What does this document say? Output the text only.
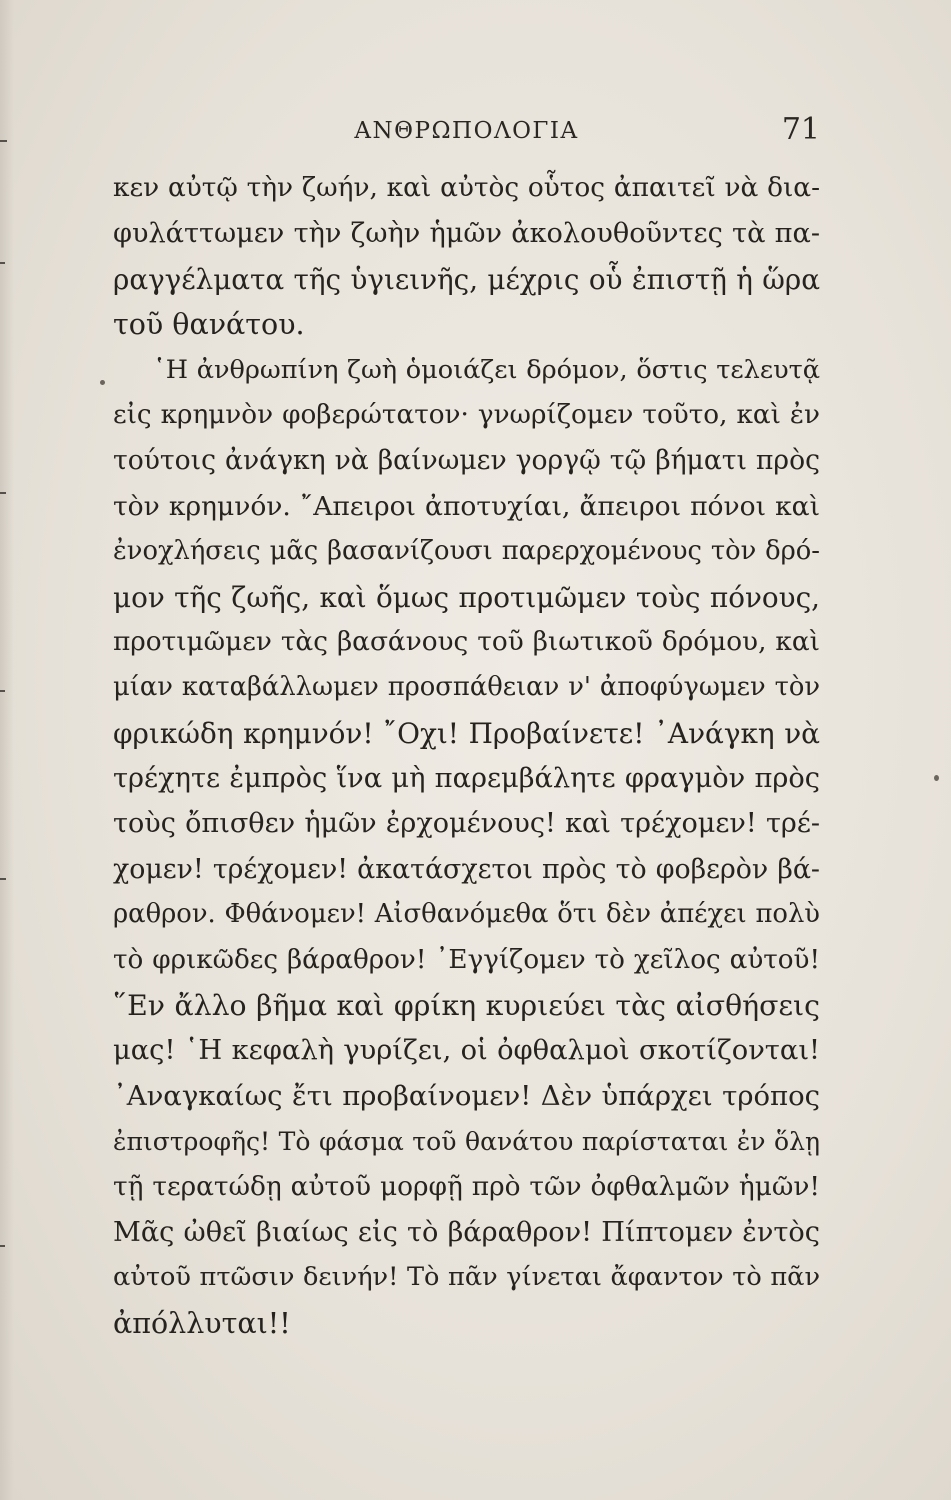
ΑΝΘΡΩΠΟΛΟΓΙΑ	71
κεν αὐτῷ τὴν ζωήν, καὶ αὐτὸς οὗτος ἀπαιτεῖ νὰ δια-
φυλάττωμεν τὴν ζωὴν ἡμῶν ἀκολουθοῦντες τὰ πα-
ραγγέλματα τῆς ὑγιεινῆς, μέχρις οὗ ἐπιστῇ ἡ ὥρα
τοῦ θανάτου.
῾Η ἀνθρωπίνη ζωὴ ὁμοιάζει δρόμον, ὅστις τελευτᾷ
εἰς κρημνὸν φοβερώτατον· γνωρίζομεν τοῦτο, καὶ ἐν
τούτοις ἀνάγκη νὰ βαίνωμεν γοργῷ τῷ βήματι πρὸς
τὸν κρημνόν. ῎Απειροι ἀποτυχίαι, ἄπειροι πόνοι καὶ
ἐνοχλήσεις μᾶς βασανίζουσι παρερχομένους τὸν δρό-
μον τῆς ζωῆς, καὶ ὅμως προτιμῶμεν τοὺς πόνους,
προτιμῶμεν τὰς βασάνους τοῦ βιωτικοῦ δρόμου, καὶ
μίαν καταβάλλωμεν προσπάθειαν ν' ἀποφύγωμεν τὸν
φρικώδη κρημνόν! ῎Οχι! Προβαίνετε! ᾿Ανάγκη νὰ
τρέχητε ἐμπρὸς ἵνα μὴ παρεμβάλητε φραγμὸν πρὸς
τοὺς ὄπισθεν ἡμῶν ἐρχομένους! καὶ τρέχομεν! τρέ-
χομεν! τρέχομεν! ἀκατάσχετοι πρὸς τὸ φοβερὸν βά-
ραθρον. Φθάνομεν! Αἰσθανόμεθα ὅτι δὲν ἀπέχει πολὺ
τὸ φρικῶδες βάραθρον! ᾿Εγγίζομεν τὸ χεῖλος αὐτοῦ!
῞Εν ἄλλο βῆμα καὶ φρίκη κυριεύει τὰς αἰσθήσεις
μας! ῾Η κεφαλὴ γυρίζει, οἱ ὀφθαλμοὶ σκοτίζονται!
᾿Αναγκαίως ἔτι προβαίνομεν! Δὲν ὑπάρχει τρόπος
ἐπιστροφῆς! Τὸ φάσμα τοῦ θανάτου παρίσταται ἐν ὅλῃ
τῇ τερατώδῃ αὐτοῦ μορφῇ πρὸ τῶν ὀφθαλμῶν ἡμῶν!
Μᾶς ὠθεῖ βιαίως εἰς τὸ βάραθρον! Πίπτομεν ἐντὸς
αὐτοῦ πτῶσιν δεινήν! Τὸ πᾶν γίνεται ἄφαντον τὸ πᾶν
ἀπόλλυται!!
